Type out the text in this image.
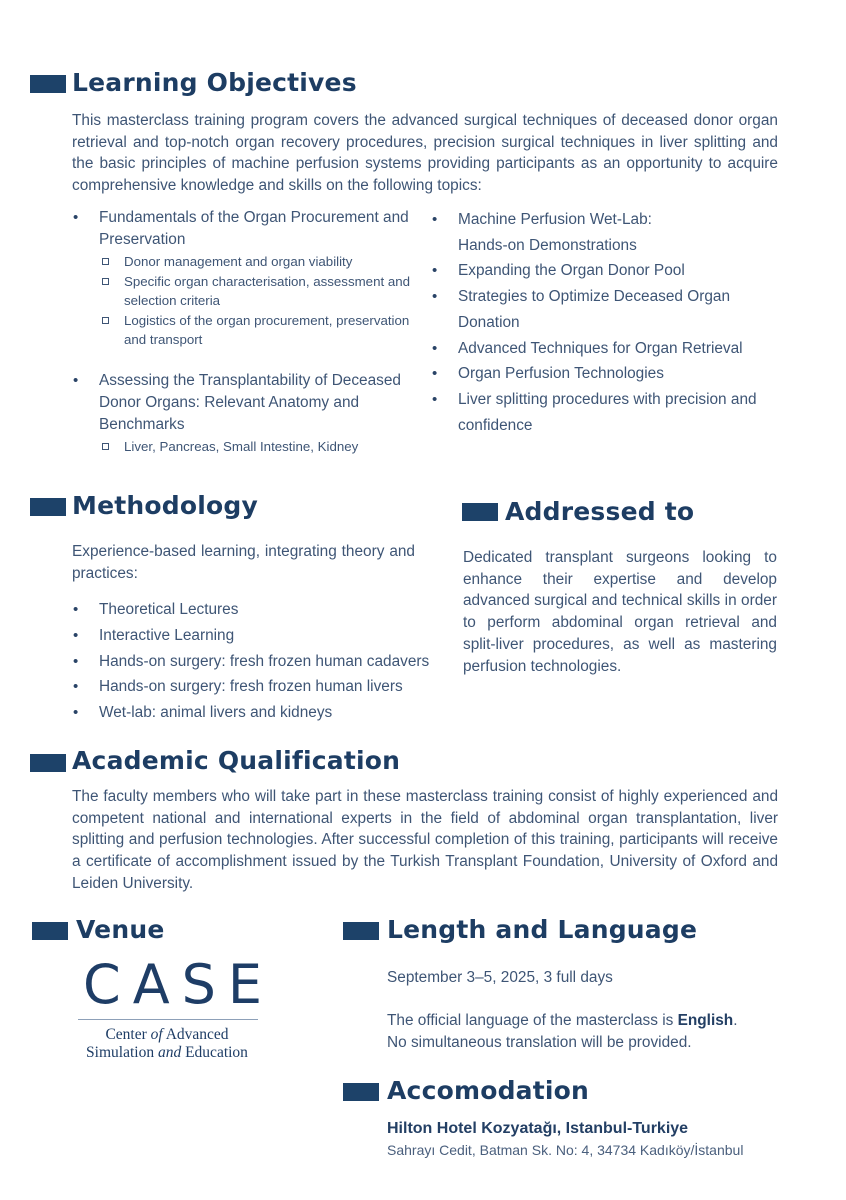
Learning Objectives
This masterclass training program covers the advanced surgical techniques of deceased donor organ retrieval and top-notch organ recovery procedures, precision surgical techniques in liver splitting and the basic principles of machine perfusion systems providing participants as an opportunity to acquire comprehensive knowledge and skills on the following topics:
• Fundamentals of the Organ Procurement and Preservation
Donor management and organ viability
Specific organ characterisation, assessment and selection criteria
Logistics of the organ procurement, preservation and transport
• Assessing the Transplantability of Deceased Donor Organs: Relevant Anatomy and Benchmarks
Liver, Pancreas, Small Intestine, Kidney
• Machine Perfusion Wet-Lab:
Hands-on Demonstrations
• Expanding the Organ Donor Pool
• Strategies to Optimize Deceased Organ Donation
• Advanced Techniques for Organ Retrieval
• Organ Perfusion Technologies
• Liver splitting procedures with precision and confidence
Methodology
Experience-based learning, integrating theory and practices:
• Theoretical Lectures
• Interactive Learning
• Hands-on surgery: fresh frozen human cadavers
• Hands-on surgery: fresh frozen human livers
• Wet-lab: animal livers and kidneys
Addressed to
Dedicated transplant surgeons looking to enhance their expertise and develop advanced surgical and technical skills in order to perform abdominal organ retrieval and split-liver procedures, as well as mastering perfusion technologies.
Academic Qualification
The faculty members who will take part in these masterclass training consist of highly experienced and competent national and international experts in the field of abdominal organ transplantation, liver splitting and perfusion technologies. After successful completion of this training, participants will receive a certificate of accomplishment issued by the Turkish Transplant Foundation, University of Oxford and Leiden University.
Venue
CASE
Center of Advanced
Simulation and Education
Length and Language
September 3–5, 2025, 3 full days
The official language of the masterclass is English.
No simultaneous translation will be provided.
Accomodation
Hilton Hotel Kozyatağı, Istanbul-Turkiye
Sahrayı Cedit, Batman Sk. No: 4, 34734 Kadıköy/İstanbul
